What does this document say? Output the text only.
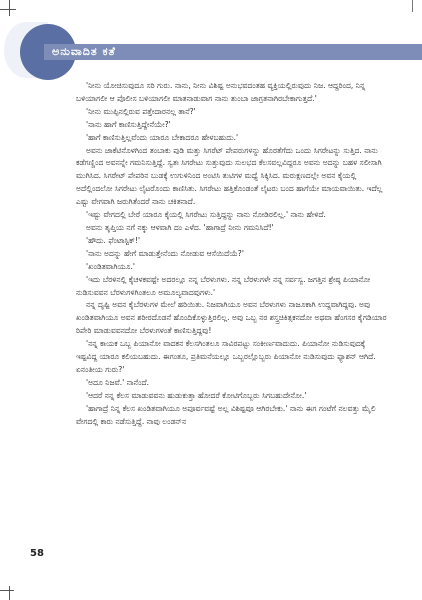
ಅನುವಾದಿತ ಕತೆ

'ನೀನು ಯೋಚಿಸುವುದೂ ಸರಿ ಗುರು. ನಾನು, ನೀನು ವಿಶಿಷ್ಟ ಅನುಭವದಂತಹ ವ್ಯಕ್ತಿಯಲ್ಲಿರುವುದು ನಿಜ. ಆದ್ದರಿಂದ, ನಿನ್ನ ಬಳಿಯಾಗಲೀ ಆ ಪೊಲೀಸ ಬಳಿಯಾಗಲೀ ಮಾತನಾಡುವಾಗ ನಾನು ತುಂಬಾ ಜಾಗ್ರತನಾಗಿರಬೇಕಾಗುತ್ತದೆ.'

'ನೀನು ಮುಪ್ಪಿನಲ್ಲಿರುವ ಪತ್ತೇದಾರನಲ್ಲ ತಾನೆ?'

'ನಾನು ಹಾಗೆ ಕಾಣಿಸುತ್ತಿದ್ದೇನೆಯೇ?'

'ಹಾಗೆ ಕಾಣಿಸುತ್ತಿಲ್ಲವೆಂದು ಯಾರೂ ಬೇಕಾದರೂ ಹೇಳಬಹುದು.'

ಅವನು ಜಾಕೆಟಿನೊಳಗಿಂದ ತಂಬಾಕು ಪುಡಿ ಮತ್ತು ಸಿಗರೆಟ್ ಪೇಪರುಗಳನ್ನು ಹೊರತೆಗೆದು ಒಂದು ಸಿಗರೇಟನ್ನು ಸುತ್ತಿದ. ನಾನು ಕಡೆಗಣ್ಣಿಂದ ಅವನನ್ನೇ ಗಮನಿಸುತ್ತಿದ್ದೆ. ಸ್ವತಃ ಸಿಗರೇಟು ಸುತ್ತುವುದು ಸುಲಭದ ಕೆಲಸವಲ್ಲವಿದ್ದರೂ ಅವನು ಅದನ್ನು ಬಹಳ ಸಲೀಸಾಗಿ ಮುಗಿಸಿದ. ಸಿಗರೇಟ್ ಪೇಪರಿನ ಬುಡಕ್ಕೆ ಉಗುಳಿನಿಂದ ಅಂಟಿಸಿ ತುಟಿಗಳ ಮಧ್ಯೆ ಸಿಕ್ಕಿಸಿದ. ಮರುಕ್ಷಣದಲ್ಲೇ ಅವನ ಕೈಯಲ್ಲಿ ಅದೆಲ್ಲಿಂದಲೋ ಸಿಗರೇಟು ಲೈಟರೊಂದು ಕಾಣಿಸಿತು. ಸಿಗರೇಟು ಹತ್ತಿಕೊಂಡಂತೆ ಲೈಟರು ಬಂದ ಹಾಗೆಯೇ ಮಾಯವಾಯಿತು. ಇದೆಲ್ಲ ಎಷ್ಟು ವೇಗವಾಗಿ ಜರುಗಿತೆಂದರೆ ನಾನು ಚಕಿತನಾದೆ.

'ಇಷ್ಟು ವೇಗದಲ್ಲಿ ಬೇರೆ ಯಾರೂ ಕೈಯಲ್ಲಿ ಸಿಗರೇಟು ಸುತ್ತಿದ್ದನ್ನು ನಾನು ನೋಡಿರಲಿಲ್ಲ.' ನಾನು ಹೇಳಿದೆ.

ಅವನು ತೃಪ್ತಿಯ ನಗೆ ನಕ್ಕು ಆಳವಾಗಿ ದಂ ಎಳೆದ. 'ಹಾಗಾದ್ರೆ ನೀನು ಗಮನಿಸಿದೆ!'

'ಹೌದು. ಫೆಂಟಾಸ್ಟಿಕ್!'

'ನಾನು ಅದನ್ನು ಹೇಗೆ ಮಾಡುತ್ತೇನೆಂದು ನೋಡುವ ಆಸೆಯಿದೆಯೆ?'

'ಖಂಡಿತವಾಗಿಯೂ.'

'ಇದು ಬೆರಳಿನಲ್ಲಿ ಕೈಚಳಕವಷ್ಟೇ ಅದರಲ್ಲೂ ನನ್ನ ಬೆರಳುಗಳು. ನನ್ನ ಬೆರಳುಗಳೇ ನನ್ನ ಸರ್ವಸ್ವ. ಜಗತ್ತಿನ ಶ್ರೇಷ್ಠ ಪಿಯಾನೋ ನುಡಿಸುವವನ ಬೆರಳುಗಳಿಗಿಂತಲೂ ಅಮೂಲ್ಯವಾದವುಗಳು.'

ನನ್ನ ದೃಷ್ಟಿ ಅವನ ಕೈಬೆರಳುಗಳ ಮೇಲೆ ಹರಿಯಿತು. ನಿಜವಾಗಿಯೂ ಅವನ ಬೆರಳುಗಳು ನಾಜೂಕಾಗಿ ಉದ್ದವಾಗಿದ್ದವು. ಅವು ಖಂಡಿತವಾಗಿಯೂ ಅವನ ಶರೀರದೊಡನೆ ಹೊಂದಿಕೊಳ್ಳುತ್ತಿರಲಿಲ್ಲ. ಅವು ಒಬ್ಬ ನರ ಶಸ್ತ್ರಚಿಕಿತ್ಸಕನದೋ ಅಥವಾ ಹೆಂಗಸರ ಕೈಗಡಿಯಾರ ರಿಪೇರಿ ಮಾಡುವವನದೋ ಬೆರಳುಗಳಂತೆ ಕಾಣಿಸುತ್ತಿದ್ದವು!

'ನನ್ನ ಕಾಯಕ ಒಬ್ಬ ಪಿಯಾನೋ ವಾದಕನ ಕೆಲಸಗಿಂತಲೂ ಸಾವಿರಪಟ್ಟು ಸಂಕೀರ್ಣವಾದುದು. ಪಿಯಾನೋ ನುಡಿಸುವುದಕ್ಕೆ ಇಷ್ಟವಿದ್ದ ಯಾರೂ ಕಲಿಯಬಹುದು. ಈಗಂತೂ, ಪ್ರತಿಮನೆಯಲ್ಲೂ ಒಬ್ಬರಲ್ಲೊಬ್ಬರು ಪಿಯಾನೋ ನುಡಿಸುವುದು ಫ್ಯಾಶನ್ ಆಗಿದೆ. ಏನಂತೀಯ ಗುರು?'

'ಅದೂ ನಿಜವೆ.' ನಾನೆಂದೆ.

'ಆದರೆ ನನ್ನ ಕೆಲಸ ಮಾಡುವವನು ಹುಡುಕುತ್ತಾ ಹೋದರೆ ಕೋಟಿಗೊಬ್ಬರು ಸಿಗಬಹುದೇನೋ.'

'ಹಾಗಾದ್ರೆ ನಿನ್ನ ಕೆಲಸ ಖಂಡಿತವಾಗಿಯೂ ಅಪೂರ್ವವಷ್ಟೆ ಅಲ್ಲ ವಿಶಿಷ್ಟವೂ ಆಗಿರಬೇಕು.' ನಾನು ಈಗ ಗಂಟೆಗೆ ನಲವತ್ತು ಮೈಲಿ ವೇಗದಲ್ಲಿ ಕಾರು ನಡೆಸುತ್ತಿದ್ದೆ. ನಾವು ಲಂಡನ್‌ನ

58
